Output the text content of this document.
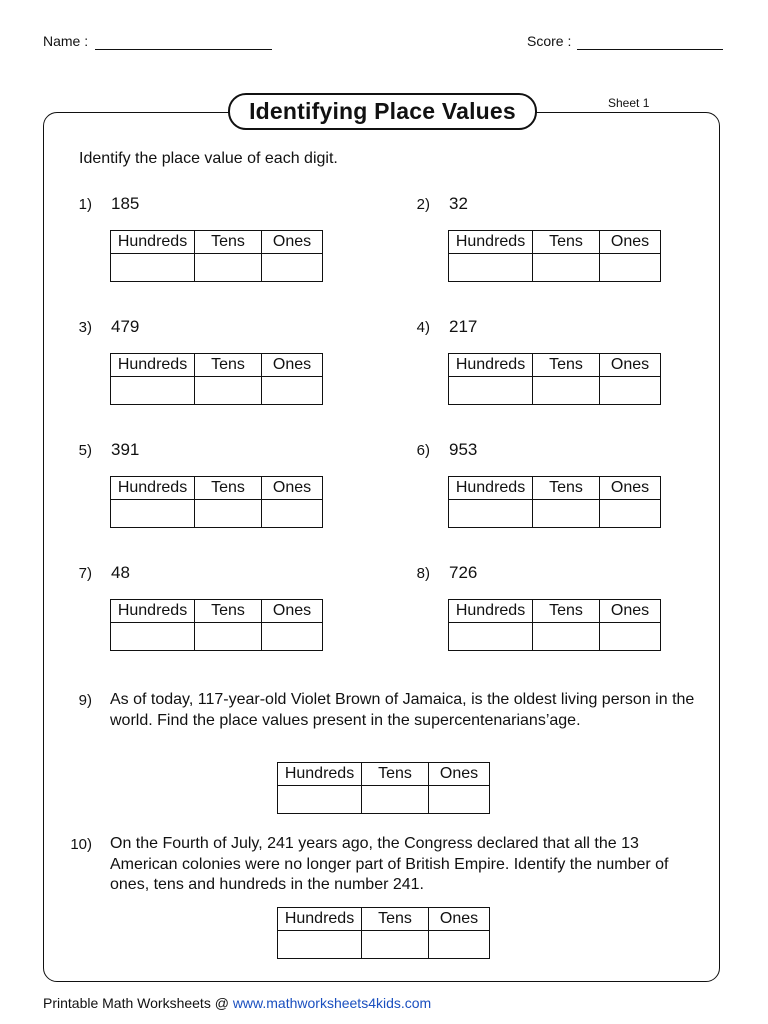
Name :	Score :
Identifying Place Values	Sheet 1
Identify the place value of each digit.
1) 185
Hundreds	Tens	Ones

2) 32
Hundreds	Tens	Ones

3) 479
Hundreds	Tens	Ones

4) 217
Hundreds	Tens	Ones

5) 391
Hundreds	Tens	Ones

6) 953
Hundreds	Tens	Ones

7) 48
Hundreds	Tens	Ones

8) 726
Hundreds	Tens	Ones

9) As of today, 117-year-old Violet Brown of Jamaica, is the oldest living person in the world. Find the place values present in the supercentenarians’age.
Hundreds	Tens	Ones

10) On the Fourth of July, 241 years ago, the Congress declared that all the 13 American colonies were no longer part of British Empire. Identify the number of ones, tens and hundreds in the number 241.
Hundreds	Tens	Ones

Printable Math Worksheets @ www.mathworksheets4kids.com
